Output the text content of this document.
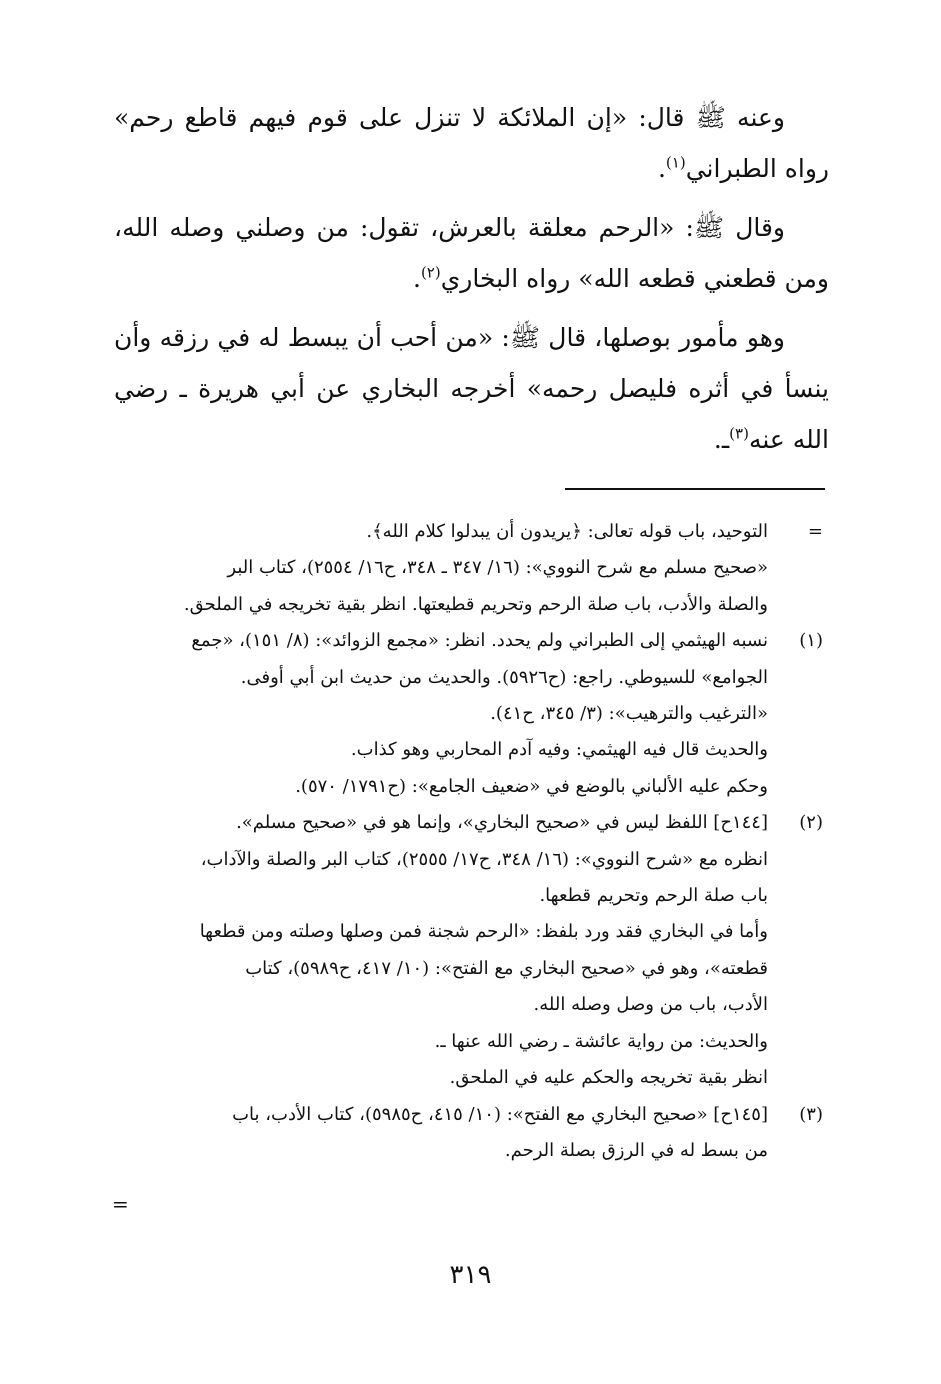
وعنه ﷺ قال: «إن الملائكة لا تنزل على قوم فيهم قاطع رحم» رواه الطبراني$^{(١)}$.

وقال ﷺ: «الرحم معلقة بالعرش، تقول: من وصلني وصله الله، ومن قطعني قطعه الله» رواه البخاري$^{(٢)}$.

وهو مأمور بوصلها، قال ﷺ: «من أحب أن يبسط له في رزقه وأن ينسأ في أثره فليصل رحمه» أخرجه البخاري عن أبي هريرة ـ رضي الله عنه$^{(٣)}$ـ.

=
التوحيد، باب قوله تعالى: ﴿يريدون أن يبدلوا كلام الله﴾.
«صحيح مسلم مع شرح النووي»: (١٦/ ٣٤٧ ـ ٣٤٨، ح١٦/ ٢٥٥٤)، كتاب البر
والصلة والأدب، باب صلة الرحم وتحريم قطيعتها. انظر بقية تخريجه في الملحق.
(١)
نسبه الهيثمي إلى الطبراني ولم يحدد. انظر: «مجمع الزوائد»: (٨/ ١٥١)، «جمع
الجوامع» للسيوطي. راجع: (ح٥٩٢٦). والحديث من حديث ابن أبي أوفى.
«الترغيب والترهيب»: (٣/ ٣٤٥، ح٤١).
والحديث قال فيه الهيثمي: وفيه آدم المحاربي وهو كذاب.
وحكم عليه الألباني بالوضع في «ضعيف الجامع»: (ح١٧٩١/ ٥٧٠).
(٢)
[١٤٤ح] اللفظ ليس في «صحيح البخاري»، وإنما هو في «صحيح مسلم».
انظره مع «شرح النووي»: (١٦/ ٣٤٨، ح١٧/ ٢٥٥٥)، كتاب البر والصلة والآداب،
باب صلة الرحم وتحريم قطعها.
وأما في البخاري فقد ورد بلفظ: «الرحم شجنة فمن وصلها وصلته ومن قطعها
قطعته»، وهو في «صحيح البخاري مع الفتح»: (١٠/ ٤١٧، ح٥٩٨٩)، كتاب
الأدب، باب من وصل وصله الله.
والحديث: من رواية عائشة ـ رضي الله عنها ـ.
انظر بقية تخريجه والحكم عليه في الملحق.
(٣)
[١٤٥ح] «صحيح البخاري مع الفتح»: (١٠/ ٤١٥، ح٥٩٨٥)، كتاب الأدب، باب
من بسط له في الرزق بصلة الرحم.
=
٣١٩
